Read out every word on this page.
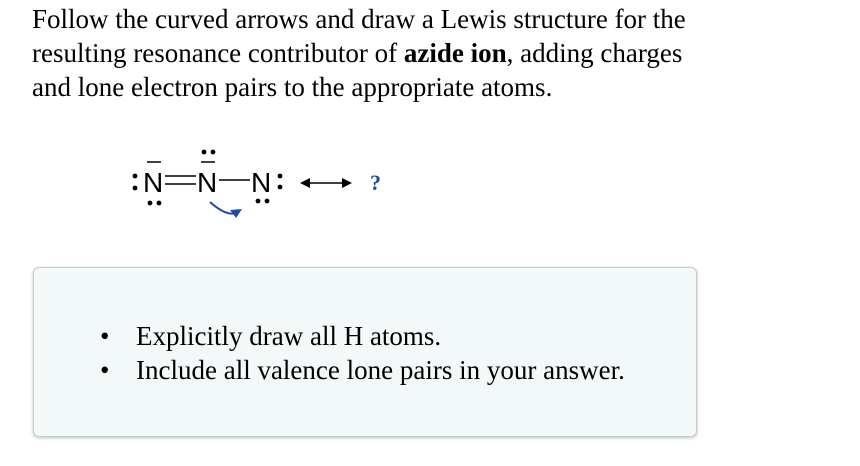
Follow the curved arrows and draw a Lewis structure for the
resulting resonance contributor of azide ion, adding charges
and lone electron pairs to the appropriate atoms.
N N N	?
• Explicitly draw all H atoms.
• Include all valence lone pairs in your answer.
